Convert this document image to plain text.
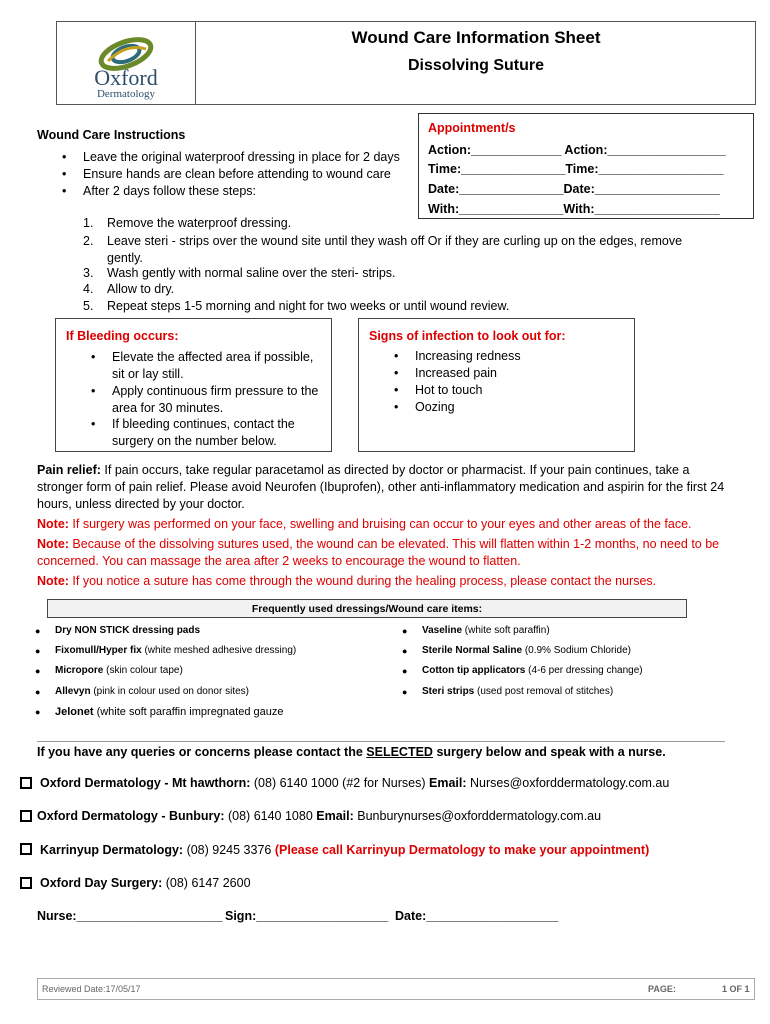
Oxford
Dermatology
Wound Care Information Sheet
Dissolving Suture
Appointment/s
Action:_____________ Action:_________________
Time:_______________Time:__________________
Date:_______________Date:__________________
With:_______________With:__________________
Wound Care Instructions
• Leave the original waterproof dressing in place for 2 days
• Ensure hands are clean before attending to wound care
• After 2 days follow these steps:
1. Remove the waterproof dressing.
2. Leave steri - strips over the wound site until they wash off Or if they are curling up on the edges, remove gently.
3. Wash gently with normal saline over the steri- strips.
4. Allow to dry.
5. Repeat steps 1-5 morning and night for two weeks or until wound review.
If Bleeding occurs:
• Elevate the affected area if possible, sit or lay still.
• Apply continuous firm pressure to the area for 30 minutes.
• If bleeding continues, contact the surgery on the number below.
Signs of infection to look out for:
• Increasing redness
• Increased pain
• Hot to touch
• Oozing
Pain relief: If pain occurs, take regular paracetamol as directed by doctor or pharmacist. If your pain continues, take a stronger form of pain relief. Please avoid Neurofen (Ibuprofen), other anti-inflammatory medication and aspirin for the first 24 hours, unless directed by your doctor.
Note: If surgery was performed on your face, swelling and bruising can occur to your eyes and other areas of the face.
Note: Because of the dissolving sutures used, the wound can be elevated. This will flatten within 1-2 months, no need to be concerned. You can massage the area after 2 weeks to encourage the wound to flatten.
Note: If you notice a suture has come through the wound during the healing process, please contact the nurses.
Frequently used dressings/Wound care items:
● Dry NON STICK dressing pads
● Fixomull/Hyper fix (white meshed adhesive dressing)
● Micropore (skin colour tape)
● Allevyn (pink in colour used on donor sites)
● Jelonet (white soft paraffin impregnated gauze
● Vaseline (white soft paraffin)
● Sterile Normal Saline (0.9% Sodium Chloride)
● Cotton tip applicators (4-6 per dressing change)
● Steri strips (used post removal of stitches)
If you have any queries or concerns please contact the SELECTED surgery below and speak with a nurse.
Oxford Dermatology - Mt hawthorn: (08) 6140 1000 (#2 for Nurses) Email: Nurses@oxforddermatology.com.au
Oxford Dermatology - Bunbury: (08) 6140 1080 Email: Bunburynurses@oxforddermatology.com.au
Karrinyup Dermatology: (08) 9245 3376 (Please call Karrinyup Dermatology to make your appointment)
Oxford Day Surgery: (08) 6147 2600
Nurse:_____________________ Sign:___________________ Date:___________________
Reviewed Date:17/05/17	PAGE:	1 OF 1
